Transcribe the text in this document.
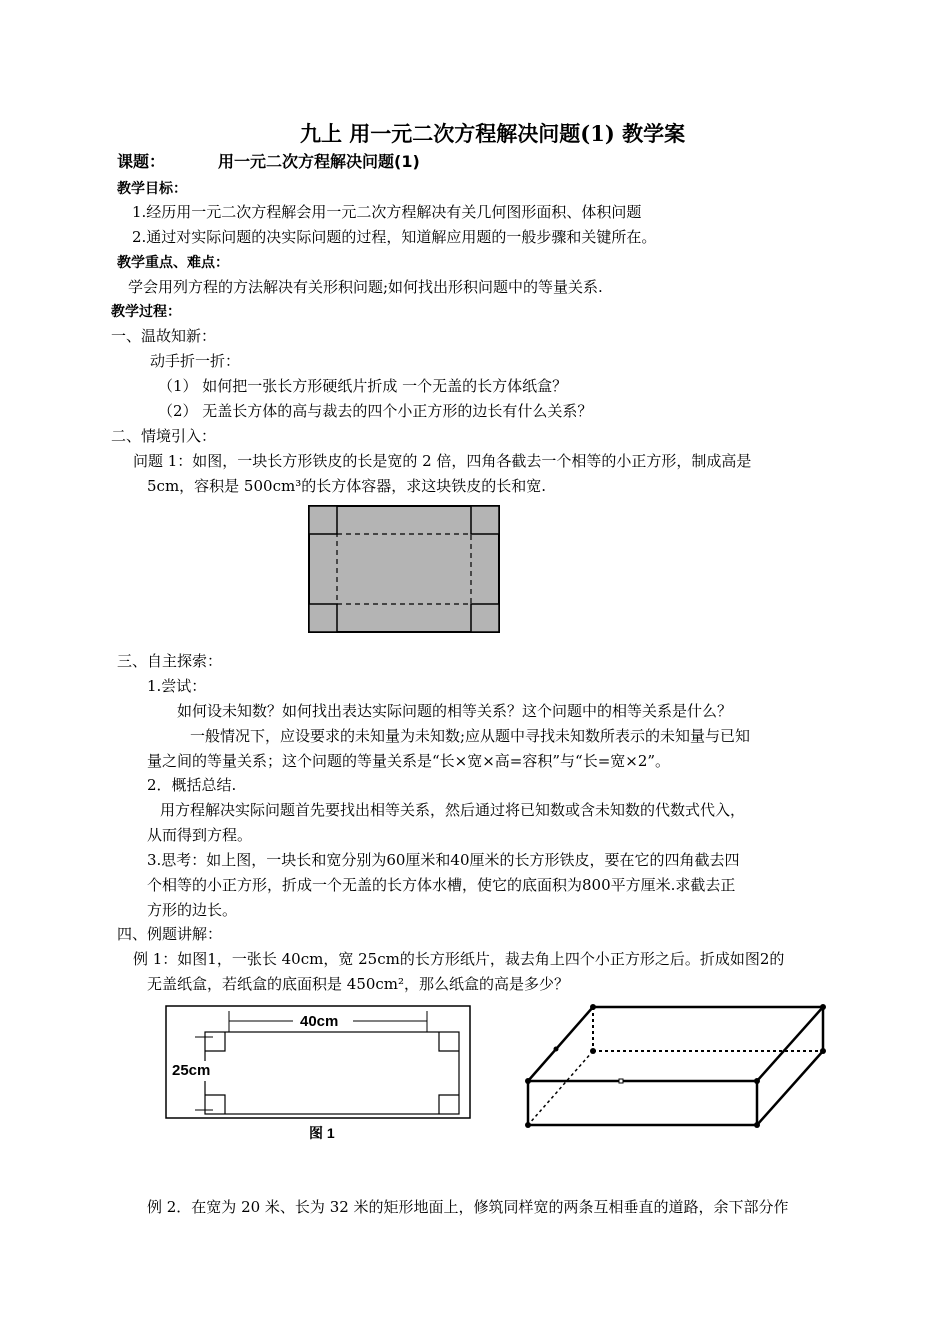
九上 用一元二次方程解决问题(1) 教学案
课题：	用一元二次方程解决问题(1)
教学目标：
1.经历用一元二次方程解会用一元二次方程解决有关几何图形面积、体积问题
2.通过对实际问题的决实际问题的过程，知道解应用题的一般步骤和关键所在。
教学重点、难点：
学会用列方程的方法解决有关形积问题;如何找出形积问题中的等量关系.
教学过程：
一、温故知新：
动手折一折：
（1） 如何把一张长方形硬纸片折成 一个无盖的长方体纸盒？
（2） 无盖长方体的高与裁去的四个小正方形的边长有什么关系？
二、情境引入：
问题 1：如图，一块长方形铁皮的长是宽的 2 倍，四角各截去一个相等的小正方形，制成高是
5cm，容积是 500cm³的长方体容器，求这块铁皮的长和宽.
三、自主探索：
1.尝试：
如何设未知数？如何找出表达实际问题的相等关系？这个问题中的相等关系是什么？
一般情况下，应设要求的未知量为未知数;应从题中寻找未知数所表示的未知量与已知
量之间的等量关系；这个问题的等量关系是“长×宽×高=容积”与“长=宽×2”。
2．概括总结.
用方程解决实际问题首先要找出相等关系，然后通过将已知数或含未知数的代数式代入，
从而得到方程。
3.思考：如上图，一块长和宽分别为60厘米和40厘米的长方形铁皮，要在它的四角截去四
个相等的小正方形，折成一个无盖的长方体水槽，使它的底面积为800平方厘米.求截去正
方形的边长。
四、例题讲解：
例 1：如图1，一张长 40cm，宽 25cm的长方形纸片，裁去角上四个小正方形之后。折成如图2的
无盖纸盒，若纸盒的底面积是 450cm²，那么纸盒的高是多少？
40cm
25cm
图 1
例 2．在宽为 20 米、长为 32 米的矩形地面上，修筑同样宽的两条互相垂直的道路，余下部分作
